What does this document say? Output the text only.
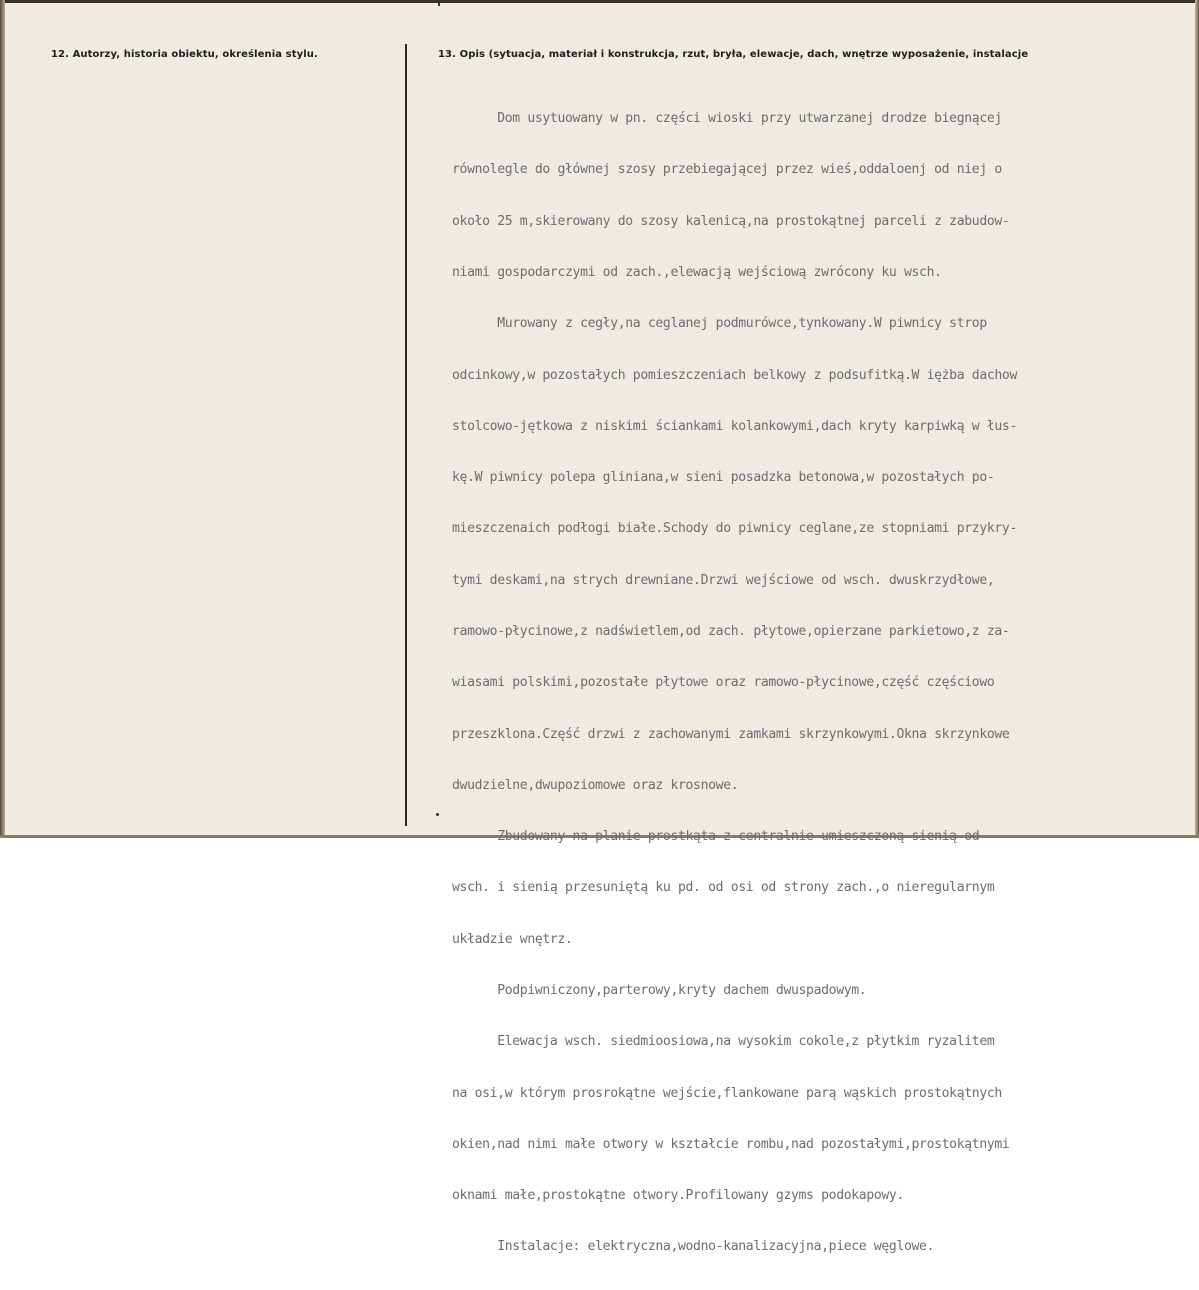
12. Autorzy, historia obiektu, określenia stylu.	13. Opis (sytuacja, materiał i konstrukcja, rzut, bryła, elewacje, dach, wnętrze wyposażenie, instalacje

Dom usytuowany w pn. części wioski przy utwarzanej drodze biegnącej

równolegle do głównej szosy przebiegającej przez wieś,oddaloenj od niej o

około 25 m,skierowany do szosy kalenicą,na prostokątnej parceli z zabudow-

niami gospodarczymi od zach.,elewacją wejściową zwrócony ku wsch.

Murowany z cegły,na ceglanej podmurówce,tynkowany.W piwnicy strop

odcinkowy,w pozostałych pomieszczeniach belkowy z podsufitką.W iężba dachow

stolcowo-jętkowa z niskimi ściankami kolankowymi,dach kryty karpiwką w łus-

kę.W piwnicy polepa gliniana,w sieni posadzka betonowa,w pozostałych po-

mieszczenaich podłogi białe.Schody do piwnicy ceglane,ze stopniami przykry-

tymi deskami,na strych drewniane.Drzwi wejściowe od wsch. dwuskrzydłowe,

ramowo-płycinowe,z nadświetlem,od zach. płytowe,opierzane parkietowo,z za-

wiasami polskimi,pozostałe płytowe oraz ramowo-płycinowe,część częściowo

przeszklona.Część drzwi z zachowanymi zamkami skrzynkowymi.Okna skrzynkowe

dwudzielne,dwupoziomowe oraz krosnowe.

Zbudowany na planie prostkąta z centralnie umieszczoną sienią od

wsch. i sienią przesuniętą ku pd. od osi od strony zach.,o nieregularnym

układzie wnętrz.

Podpiwniczony,parterowy,kryty dachem dwuspadowym.

Elewacja wsch. siedmioosiowa,na wysokim cokole,z płytkim ryzalitem

na osi,w którym prosrokątne wejście,flankowane parą wąskich prostokątnych

okien,nad nimi małe otwory w kształcie rombu,nad pozostałymi,prostokątnymi

oknami małe,prostokątne otwory.Profilowany gzyms podokapowy.

Instalacje: elektryczna,wodno-kanalizacyjna,piece węglowe.
